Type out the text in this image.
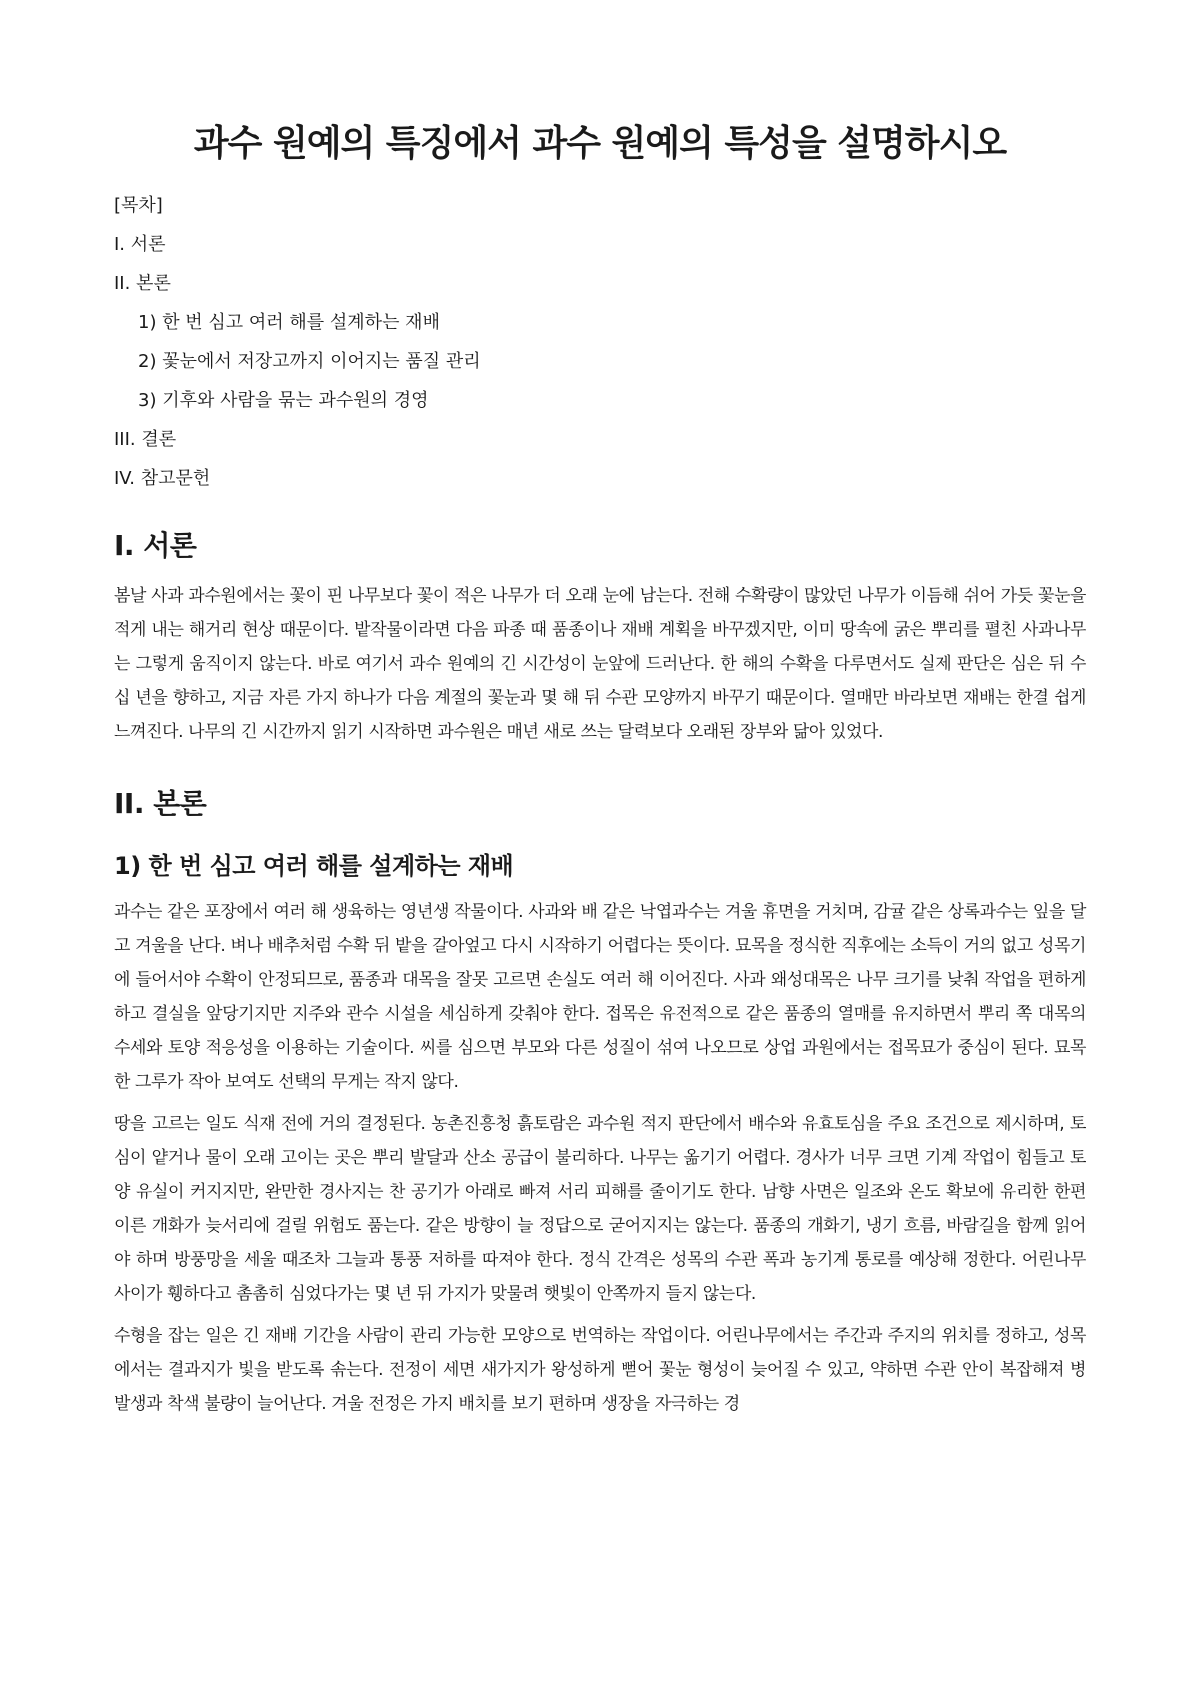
과수 원예의 특징에서 과수 원예의 특성을 설명하시오

[목차]

I. 서론

II. 본론

1) 한 번 심고 여러 해를 설계하는 재배

2) 꽃눈에서 저장고까지 이어지는 품질 관리

3) 기후와 사람을 묶는 과수원의 경영

III. 결론

IV. 참고문헌

I. 서론

봄날 사과 과수원에서는 꽃이 핀 나무보다 꽃이 적은 나무가 더 오래 눈에 남는다. 전해 수확량이 많았던 나무가 이듬해 쉬어 가듯 꽃눈을 적게 내는 해거리 현상 때문이다. 밭작물이라면 다음 파종 때 품종이나 재배 계획을 바꾸겠지만, 이미 땅속에 굵은 뿌리를 펼친 사과나무는 그렇게 움직이지 않는다. 바로 여기서 과수 원예의 긴 시간성이 눈앞에 드러난다. 한 해의 수확을 다루면서도 실제 판단은 심은 뒤 수십 년을 향하고, 지금 자른 가지 하나가 다음 계절의 꽃눈과 몇 해 뒤 수관 모양까지 바꾸기 때문이다. 열매만 바라보면 재배는 한결 쉽게 느껴진다. 나무의 긴 시간까지 읽기 시작하면 과수원은 매년 새로 쓰는 달력보다 오래된 장부와 닮아 있었다.

II. 본론
1) 한 번 심고 여러 해를 설계하는 재배

과수는 같은 포장에서 여러 해 생육하는 영년생 작물이다. 사과와 배 같은 낙엽과수는 겨울 휴면을 거치며, 감귤 같은 상록과수는 잎을 달고 겨울을 난다. 벼나 배추처럼 수확 뒤 밭을 갈아엎고 다시 시작하기 어렵다는 뜻이다. 묘목을 정식한 직후에는 소득이 거의 없고 성목기에 들어서야 수확이 안정되므로, 품종과 대목을 잘못 고르면 손실도 여러 해 이어진다. 사과 왜성대목은 나무 크기를 낮춰 작업을 편하게 하고 결실을 앞당기지만 지주와 관수 시설을 세심하게 갖춰야 한다. 접목은 유전적으로 같은 품종의 열매를 유지하면서 뿌리 쪽 대목의 수세와 토양 적응성을 이용하는 기술이다. 씨를 심으면 부모와 다른 성질이 섞여 나오므로 상업 과원에서는 접목묘가 중심이 된다. 묘목 한 그루가 작아 보여도 선택의 무게는 작지 않다.

땅을 고르는 일도 식재 전에 거의 결정된다. 농촌진흥청 흙토람은 과수원 적지 판단에서 배수와 유효토심을 주요 조건으로 제시하며, 토심이 얕거나 물이 오래 고이는 곳은 뿌리 발달과 산소 공급이 불리하다. 나무는 옮기기 어렵다. 경사가 너무 크면 기계 작업이 힘들고 토양 유실이 커지지만, 완만한 경사지는 찬 공기가 아래로 빠져 서리 피해를 줄이기도 한다. 남향 사면은 일조와 온도 확보에 유리한 한편 이른 개화가 늦서리에 걸릴 위험도 품는다. 같은 방향이 늘 정답으로 굳어지지는 않는다. 품종의 개화기, 냉기 흐름, 바람길을 함께 읽어야 하며 방풍망을 세울 때조차 그늘과 통풍 저하를 따져야 한다. 정식 간격은 성목의 수관 폭과 농기계 통로를 예상해 정한다. 어린나무 사이가 휑하다고 촘촘히 심었다가는 몇 년 뒤 가지가 맞물려 햇빛이 안쪽까지 들지 않는다.

수형을 잡는 일은 긴 재배 기간을 사람이 관리 가능한 모양으로 번역하는 작업이다. 어린나무에서는 주간과 주지의 위치를 정하고, 성목에서는 결과지가 빛을 받도록 솎는다. 전정이 세면 새가지가 왕성하게 뻗어 꽃눈 형성이 늦어질 수 있고, 약하면 수관 안이 복잡해져 병 발생과 착색 불량이 늘어난다. 겨울 전정은 가지 배치를 보기 편하며 생장을 자극하는 경
